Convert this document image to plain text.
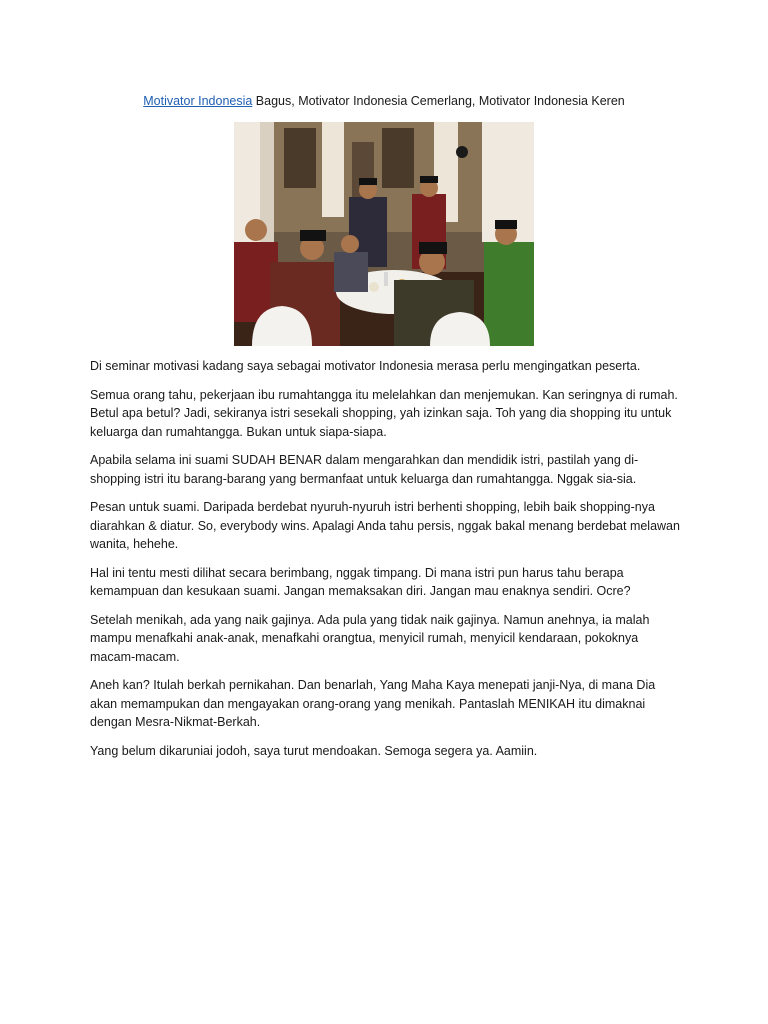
Motivator Indonesia Bagus, Motivator Indonesia Cemerlang, Motivator Indonesia Keren

Di seminar motivasi kadang saya sebagai motivator Indonesia merasa perlu mengingatkan peserta.

Semua orang tahu, pekerjaan ibu rumahtangga itu melelahkan dan menjemukan. Kan seringnya di rumah. Betul apa betul? Jadi, sekiranya istri sesekali shopping, yah izinkan saja. Toh yang dia shopping itu untuk keluarga dan rumahtangga. Bukan untuk siapa-siapa.

Apabila selama ini suami SUDAH BENAR dalam mengarahkan dan mendidik istri, pastilah yang di-shopping istri itu barang-barang yang bermanfaat untuk keluarga dan rumahtangga. Nggak sia-sia.

Pesan untuk suami. Daripada berdebat nyuruh-nyuruh istri berhenti shopping, lebih baik shopping-nya diarahkan & diatur. So, everybody wins. Apalagi Anda tahu persis, nggak bakal menang berdebat melawan wanita, hehehe.

Hal ini tentu mesti dilihat secara berimbang, nggak timpang. Di mana istri pun harus tahu berapa kemampuan dan kesukaan suami. Jangan memaksakan diri. Jangan mau enaknya sendiri. Ocre?

Setelah menikah, ada yang naik gajinya. Ada pula yang tidak naik gajinya. Namun anehnya, ia malah mampu menafkahi anak-anak, menafkahi orangtua, menyicil rumah, menyicil kendaraan, pokoknya macam-macam.

Aneh kan? Itulah berkah pernikahan. Dan benarlah, Yang Maha Kaya menepati janji-Nya, di mana Dia akan memampukan dan mengayakan orang-orang yang menikah. Pantaslah MENIKAH itu dimaknai dengan Mesra-Nikmat-Berkah.

Yang belum dikaruniai jodoh, saya turut mendoakan. Semoga segera ya. Aamiin.
